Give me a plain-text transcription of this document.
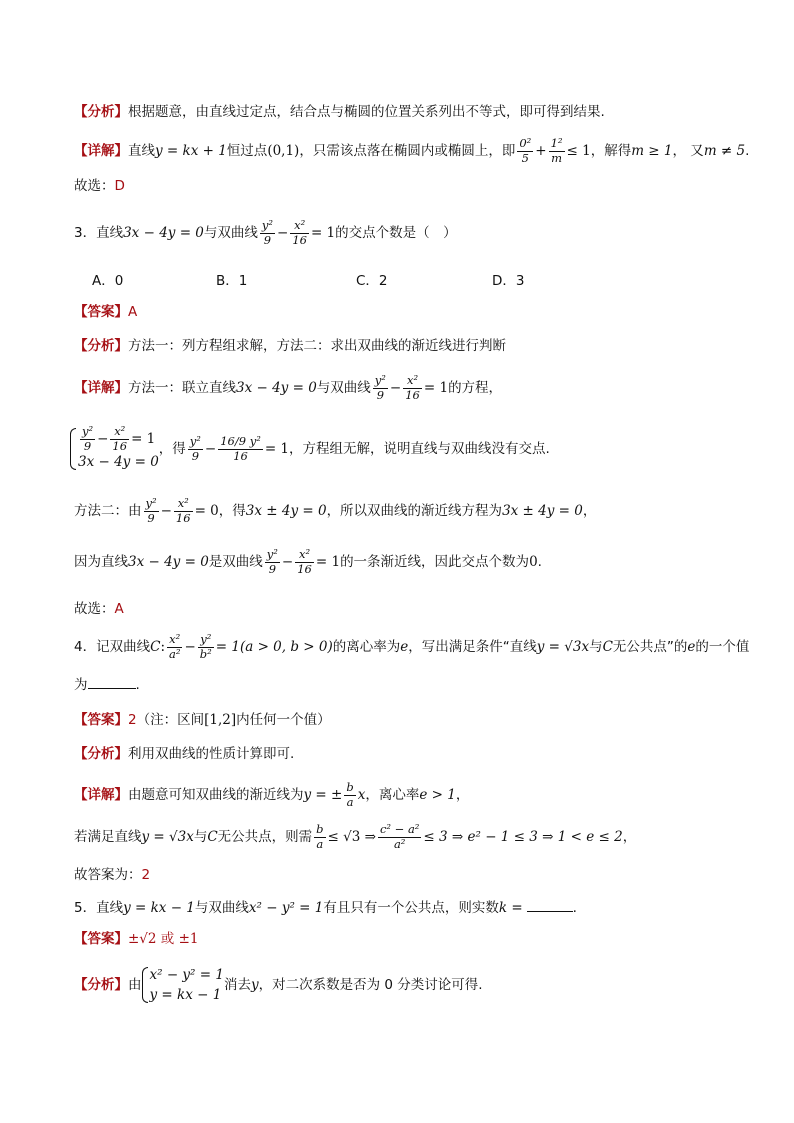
【分析】根据题意，由直线过定点，结合点与椭圆的位置关系列出不等式，即可得到结果.
【详解】直线y = kx + 1恒过点(0,1)，只需该点落在椭圆内或椭圆上，即 $\frac{\text{0²}}{5} + \frac{\text{1²}}{m} \le 1$，解得m ≥ 1， 又m ≠ 5.
故选：D
3．直线3x − 4y = 0与双曲线 $\frac{\text{y²}}{9} - \frac{\text{x²}}{16} = 1$的交点个数是（　）
A．0	B．1	C．2	D．3
【答案】A
【分析】方法一：列方程组求解，方法二：求出双曲线的渐近线进行判断
【详解】方法一：联立直线3x − 4y = 0与双曲线 $\frac{\text{y²}}{9} - \frac{\text{x²}}{16} = 1$的方程，
$\frac{\text{y²}}{9} - \frac{\text{x²}}{16} = 1$
3x − 4y = 0
，得 $\frac{\text{y²}}{9} - \frac{\text{16/9 y²}}{16} = 1$，方程组无解，说明直线与双曲线没有交点.
方法二：由 $\frac{\text{y²}}{9} - \frac{\text{x²}}{16} = 0$，得3x ± 4y = 0，所以双曲线的渐近线方程为3x ± 4y = 0，
因为直线3x − 4y = 0是双曲线 $\frac{\text{y²}}{9} - \frac{\text{x²}}{16} = 1$的一条渐近线，因此交点个数为0.
故选：A
4．记双曲线C: $\frac{\text{x²}}{\text{a²}} - \frac{\text{y²}}{\text{b²}} = 1(a > 0$, b > 0)的离心率为e，写出满足条件“直线y = √3x与C无公共点”的e的一个值
为	.
【答案】2（注：区间[1,2]内任何一个值）
【分析】利用双曲线的性质计算即可.
【详解】由题意可知双曲线的渐近线为y = ± $\frac{b}{a}$ x，离心率e > 1，
若满足直线y = √3x与C无公共点，则需 $\frac{b}{a} \le √3$ ⇒ $\frac{\text{c² − a²}}{\text{a²}} \le 3$ ⇒ e² − 1 ≤ 3 ⇒ 1 < e ≤ 2，
故答案为：2
5．直线y = kx − 1与双曲线x² − y² = 1有且只有一个公共点，则实数k =	.
【答案】±√2 或 ±1
【分析】由
x² − y² = 1
y = kx − 1
消去y，对二次系数是否为 0 分类讨论可得.
